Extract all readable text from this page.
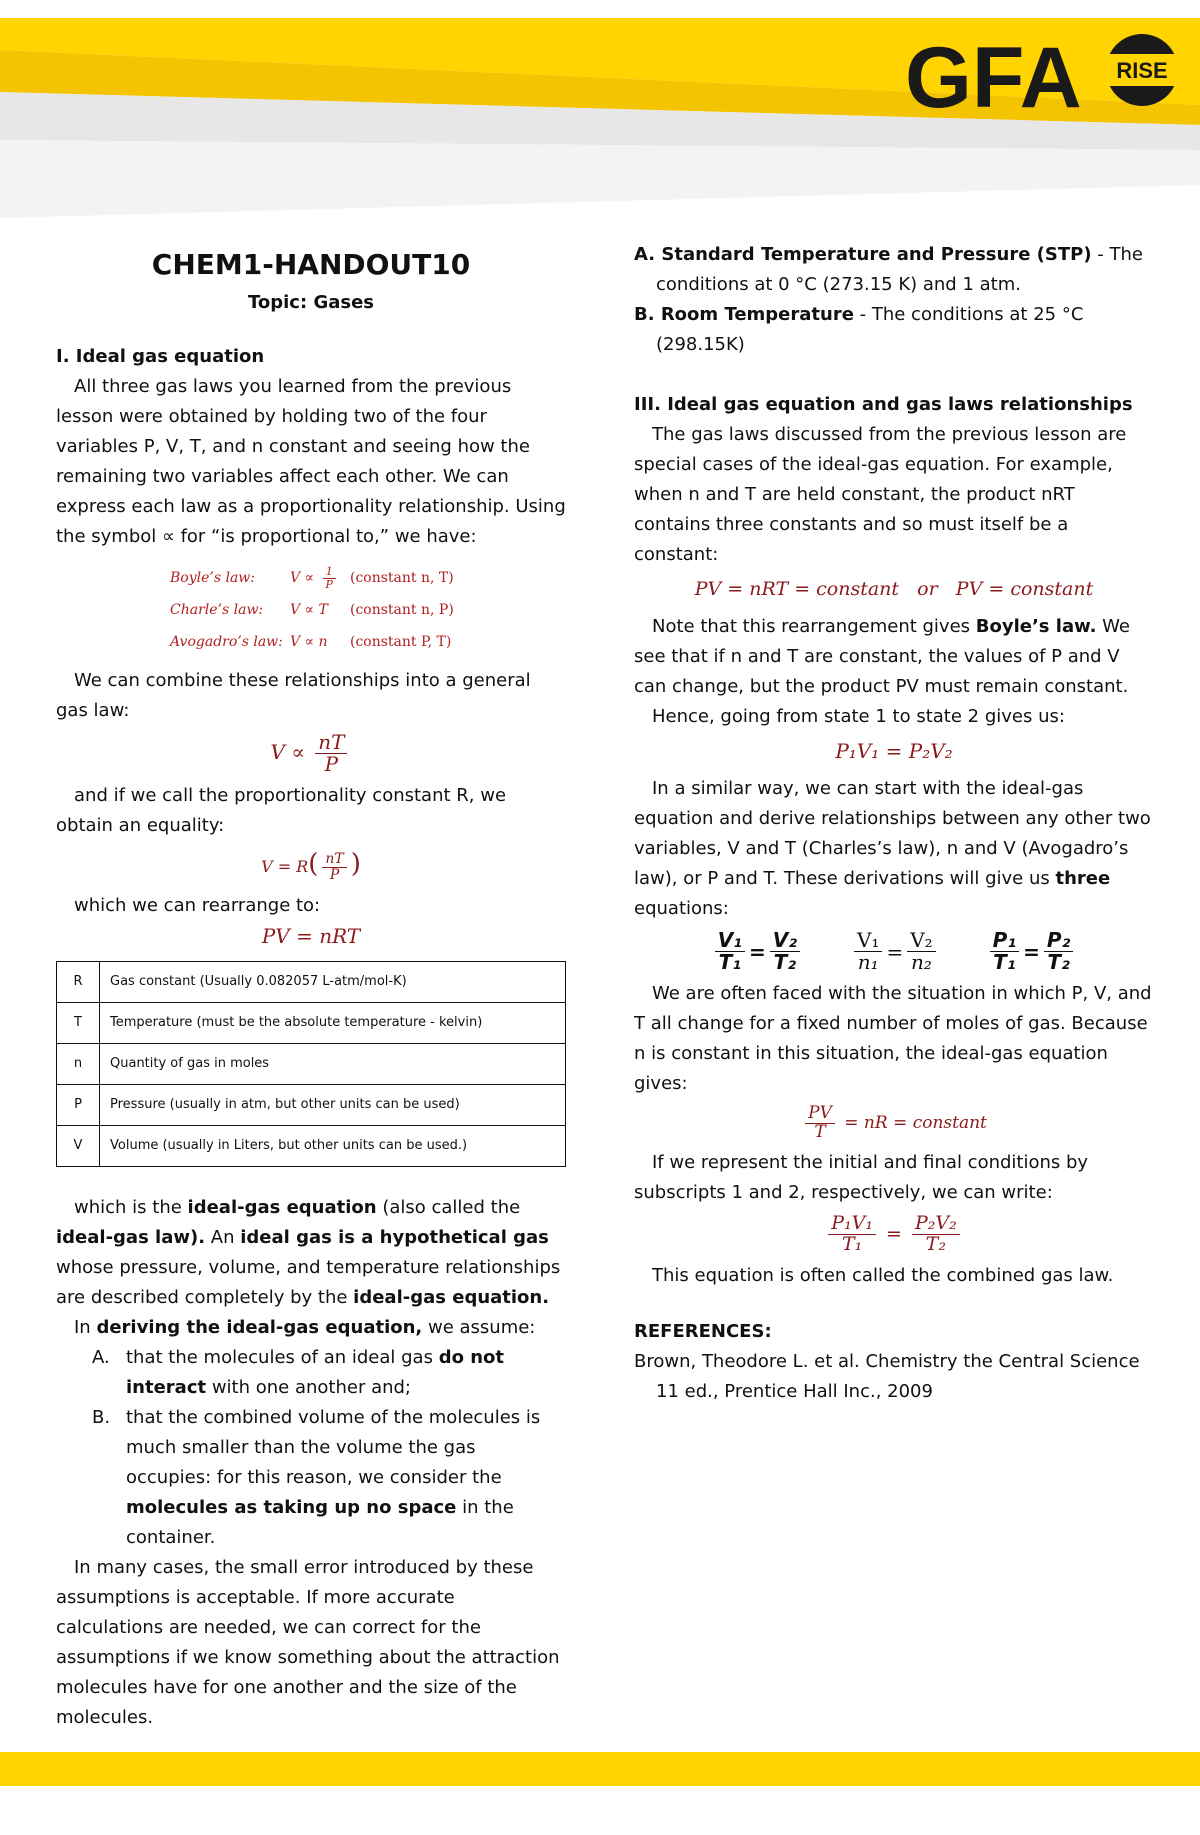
GFA RISE

CHEM1-HANDOUT10

Topic: Gases

I. Ideal gas equation

All three gas laws you learned from the previous lesson were obtained by holding two of the four variables P, V, T, and n constant and seeing how the remaining two variables affect each other. We can express each law as a proportionality relationship. Using the symbol ∝ for “is proportional to,” we have:

Boyle’s law:	$V \propto \frac{1}{P}$ (constant n, T)
Charle’s law:	V ∝ T	(constant n, P)
Avogadro’s law: V ∝ n	(constant P, T)

We can combine these relationships into a general gas law:

$V \propto \frac{nT}{P}$

and if we call the proportionality constant R, we obtain an equality:

$V = R( \frac{nT}{P}$ )

which we can rearrange to:

PV = nRT
R	Gas constant (Usually 0.082057 L-atm/mol-K)
T	Temperature (must be the absolute temperature - kelvin)
n	Quantity of gas in moles
P	Pressure (usually in atm, but other units can be used)
V	Volume (usually in Liters, but other units can be used.)

which is the ideal-gas equation (also called the ideal-gas law). An ideal gas is a hypothetical gas whose pressure, volume, and temperature relationships are described completely by the ideal-gas equation.

In deriving the ideal-gas equation, we assume:

A. that the molecules of an ideal gas do not interact with one another and;
B. that the combined volume of the molecules is much smaller than the volume the gas occupies: for this reason, we consider the molecules as taking up no space in the container.

In many cases, the small error introduced by these assumptions is acceptable. If more accurate calculations are needed, we can correct for the assumptions if we know something about the attraction molecules have for one another and the size of the molecules.

A. Standard Temperature and Pressure (STP) - The conditions at 0 °C (273.15 K) and 1 atm.

B. Room Temperature - The conditions at 25 °C (298.15K)

III. Ideal gas equation and gas laws relationships

The gas laws discussed from the previous lesson are special cases of the ideal-gas equation. For example, when n and T are held constant, the product nRT contains three constants and so must itself be a constant:

PV = nRT = constant   or   PV = constant

Note that this rearrangement gives Boyle’s law. We see that if n and T are constant, the values of P and V can change, but the product PV must remain constant.

Hence, going from state 1 to state 2 gives us:

P₁V₁ = P₂V₂

In a similar way, we can start with the ideal-gas equation and derive relationships between any other two variables, V and T (Charles’s law), n and V (Avogadro’s law), or P and T. These derivations will give us three equations:

$\frac{\text{V₁}}{\text{T₁}} = \frac{\text{V₂}}{\text{T₂}}$	$\frac{\text{V₁}}{\text{n₁}} = \frac{\text{V₂}}{\text{n₂}}$	$\frac{\text{P₁}}{\text{T₁}} = \frac{\text{P₂}}{\text{T₂}}$

We are often faced with the situation in which P, V, and T all change for a fixed number of moles of gas. Because n is constant in this situation, the ideal-gas equation gives:

$\frac{PV}{T}$ = nR = constant

If we represent the initial and final conditions by subscripts 1 and 2, respectively, we can write:

$\frac{\text{P₁V₁}}{\text{T₁}} = \frac{\text{P₂V₂}}{\text{T₂}}$

This equation is often called the combined gas law.

REFERENCES:

Brown, Theodore L. et al. Chemistry the Central Science 11 ed., Prentice Hall Inc., 2009
